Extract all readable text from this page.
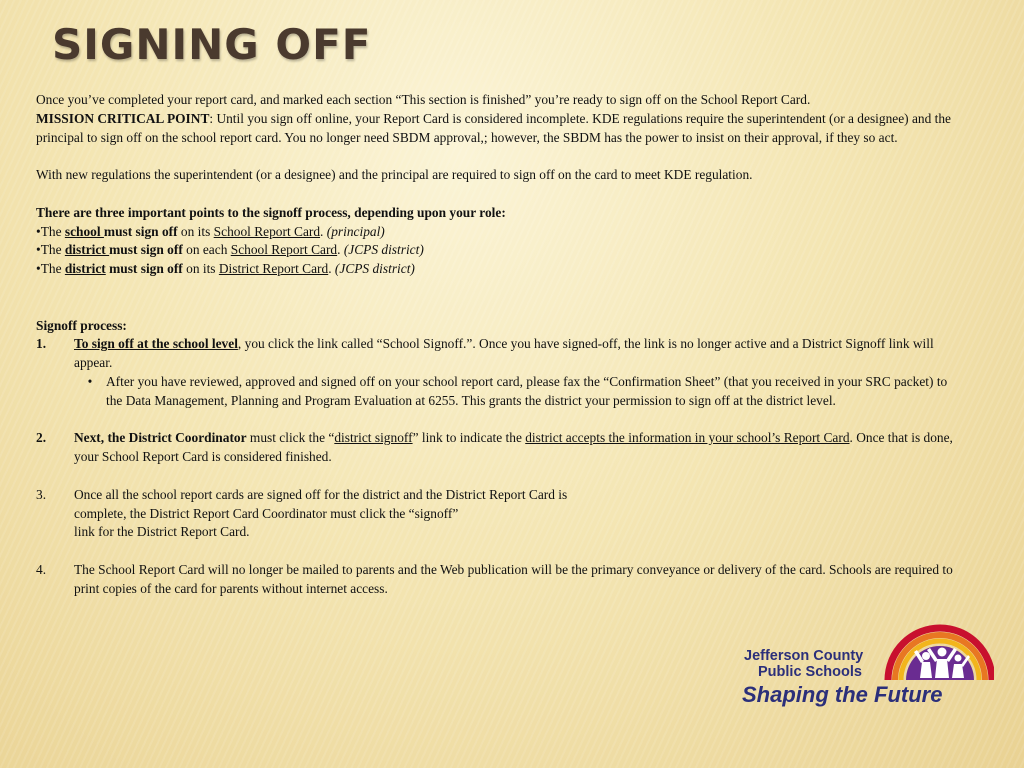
SIGNING OFF

Once you’ve completed your report card, and marked each section “This section is finished” you’re ready to sign off on the School Report Card.
MISSION CRITICAL POINT: Until you sign off online, your Report Card is considered incomplete. KDE regulations require the superintendent (or a designee) and the principal to sign off on the school report card. You no longer need SBDM approval,; however, the SBDM has the power to insist on their approval, if they so act.

With new regulations the superintendent (or a designee) and the principal are required to sign off on the card to meet KDE regulation.

There are three important points to the signoff process, depending upon your role:

•The school must sign off on its School Report Card. (principal)

•The district must sign off on each School Report Card. (JCPS district)

•The district must sign off on its District Report Card. (JCPS district)

Signoff process:

1.	To sign off at the school level, you click the link called “School Signoff.”. Once you have signed-off, the link is no longer active and a District Signoff link will appear.
•	After you have reviewed, approved and signed off on your school report card, please fax the “Confirmation Sheet” (that you received in your SRC packet) to the Data Management, Planning and Program Evaluation at 6255. This grants the district your permission to sign off at the district level.
2.	Next, the District Coordinator must click the “district signoff” link to indicate the district accepts the information in your school’s Report Card. Once that is done, your School Report Card is considered finished.
3.	Once all the school report cards are signed off for the district and the District Report Card is
complete, the District Report Card Coordinator must click the “signoff”
link for the District Report Card.
4.	The School Report Card will no longer be mailed to parents and the Web publication will be the primary conveyance or delivery of the card. Schools are required to print copies of the card for parents without internet access.
Jefferson County
Public Schools
Shaping the Future
